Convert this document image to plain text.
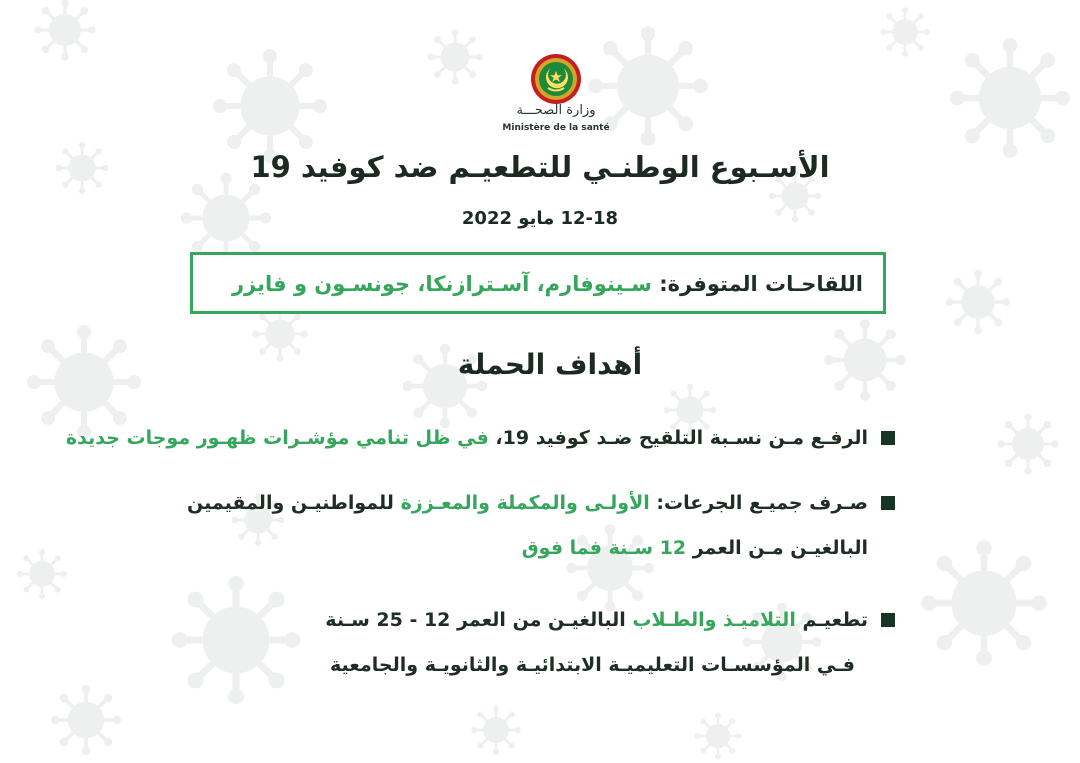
وزارة الصحـــة
Ministère de la santé
الأسـبوع الوطنـي للتطعيـم ضد كوفيد 19
12-18 مايو 2022
اللقاحـات المتوفرة: سـينوفارم، آسـترازنكا، جونسـون و فايزر
أهداف الحملة
الرفـع مـن نسـبة التلقيح ضـد كوفيد 19، في ظل تنامي مؤشـرات ظهـور موجات جديدة
صـرف جميـع الجرعات: الأولـى والمكملة والمعـززة للمواطنيـن والمقيمين
البالغيـن مـن العمر 12 سـنة فما فوق
تطعيـم التلاميـذ والطـلاب البالغيـن من العمر 12 - 25 سـنة
فـي المؤسسـات التعليميـة الابتدائيـة والثانويـة والجامعية
